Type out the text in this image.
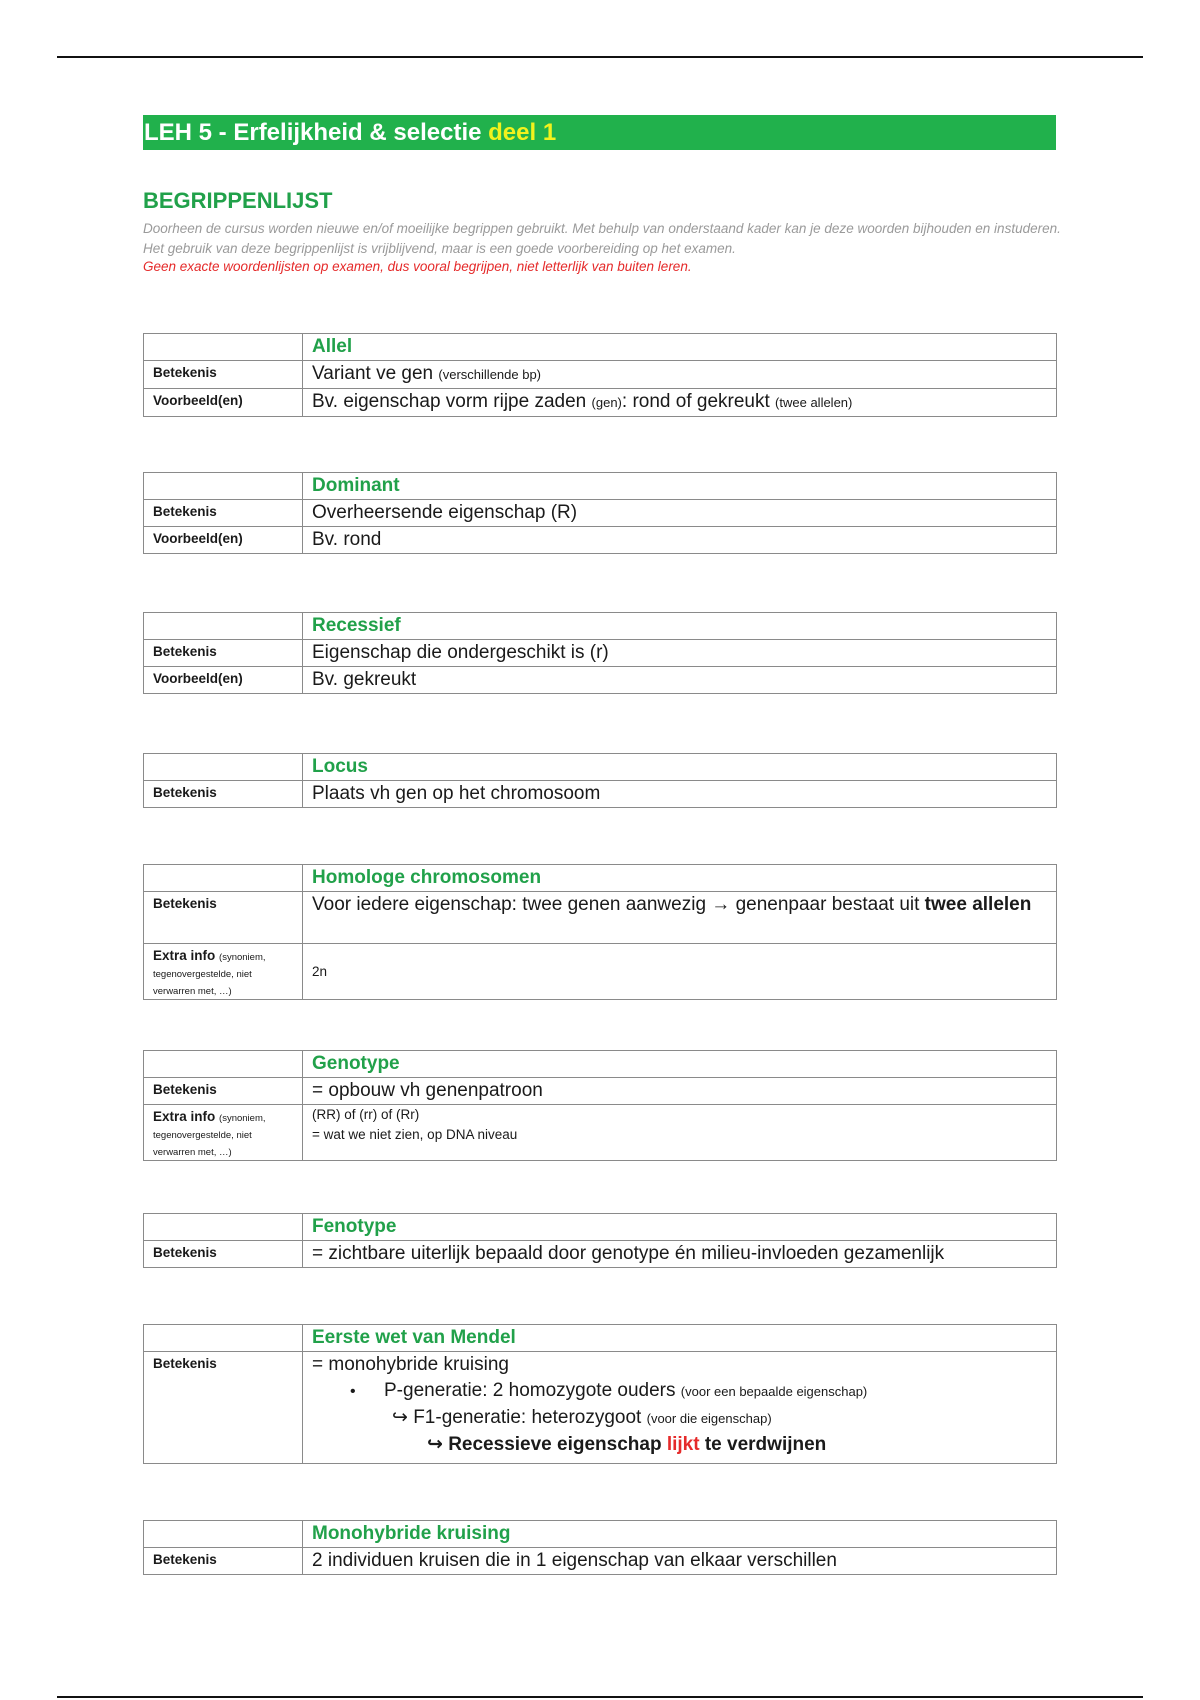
LEH 5 - Erfelijkheid & selectie deel 1
BEGRIPPENLIJST
Doorheen de cursus worden nieuwe en/of moeilijke begrippen gebruikt. Met behulp van onderstaand kader kan je deze woorden bijhouden en instuderen. Het gebruik van deze begrippenlijst is vrijblijvend, maar is een goede voorbereiding op het examen.
Geen exacte woordenlijsten op examen, dus vooral begrijpen, niet letterlijk van buiten leren.
	Allel
Betekenis	Variant ve gen (verschillende bp)
Voorbeeld(en)	Bv. eigenschap vorm rijpe zaden (gen): rond of gekreukt (twee allelen)
	Dominant
Betekenis	Overheersende eigenschap (R)
Voorbeeld(en)	Bv. rond
	Recessief
Betekenis	Eigenschap die ondergeschikt is (r)
Voorbeeld(en)	Bv. gekreukt
	Locus
Betekenis	Plaats vh gen op het chromosoom
	Homologe chromosomen
Betekenis	Voor iedere eigenschap: twee genen aanwezig → genenpaar bestaat uit twee allelen
Extra info (synoniem, tegenovergestelde, niet verwarren met, …)	2n
	Genotype
Betekenis	= opbouw vh genenpatroon
Extra info (synoniem, tegenovergestelde, niet verwarren met, …)	(RR) of (rr) of (Rr)
= wat we niet zien, op DNA niveau
	Fenotype
Betekenis	= zichtbare uiterlijk bepaald door genotype én milieu-invloeden gezamenlijk
	Eerste wet van Mendel
Betekenis	= monohybride kruising
• P-generatie: 2 homozygote ouders (voor een bepaalde eigenschap)
↪ F1-generatie: heterozygoot (voor die eigenschap)
↪ Recessieve eigenschap lijkt te verdwijnen
	Monohybride kruising
Betekenis	2 individuen kruisen die in 1 eigenschap van elkaar verschillen
